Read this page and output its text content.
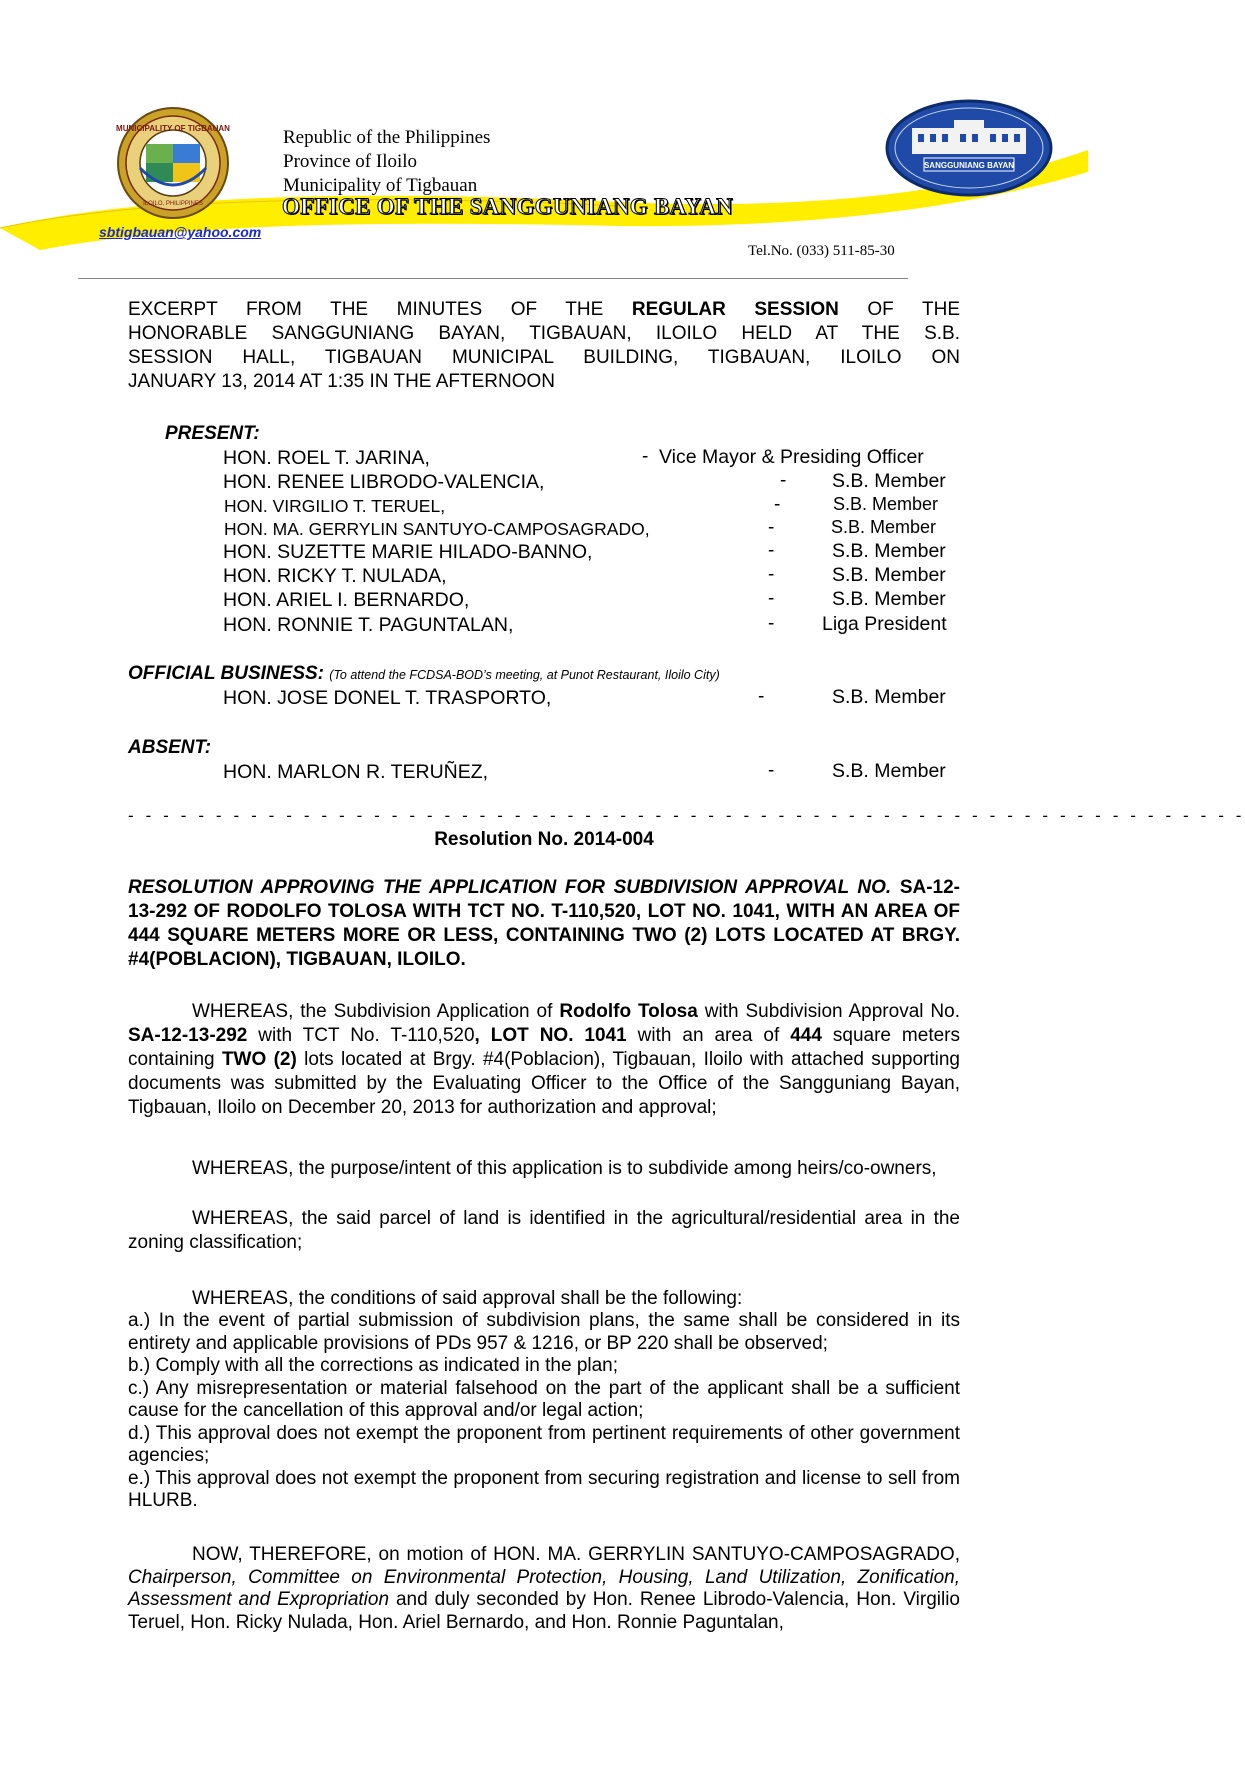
MUNICIPALITY OF TIGBAUAN
ILOILO, PHILIPPINES
SANGGUNIANG BAYAN
Republic of the Philippines
Province of Iloilo
Municipality of Tigbauan
OFFICE OF THE SANGGUNIANG BAYAN
sbtigbauan@yahoo.com
Tel.No. (033) 511-85-30
EXCERPT FROM THE MINUTES OF THE REGULAR SESSION OF THE
HONORABLE SANGGUNIANG BAYAN, TIGBAUAN, ILOILO HELD AT THE S.B.
SESSION HALL, TIGBAUAN MUNICIPAL BUILDING, TIGBAUAN, ILOILO ON
JANUARY 13, 2014 AT 1:35 IN THE AFTERNOON
PRESENT:
HON. ROEL T. JARINA,	- Vice Mayor & Presiding Officer
HON. RENEE LIBRODO-VALENCIA,	- S.B. Member
HON. VIRGILIO T. TERUEL,	-	S.B. Member
HON. MA. GERRYLIN SANTUYO-CAMPOSAGRADO,	-	S.B. Member
HON. SUZETTE MARIE HILADO-BANNO,	-	S.B. Member
HON. RICKY T. NULADA,	-	S.B. Member
HON. ARIEL I. BERNARDO,	-	S.B. Member
HON. RONNIE T. PAGUNTALAN,	- Liga President
OFFICIAL BUSINESS: (To attend the FCDSA-BOD’s meeting, at Punot Restaurant, Iloilo City)
HON. JOSE DONEL T. TRASPORTO,	-	S.B. Member
ABSENT:
HON. MARLON R. TERUÑEZ,	-	S.B. Member
- - - - - - - - - - - - - - - - - - - - - - - - - - - - - - - - - - - - - - - - - - - - - - - - - - - - - - - - - - - - - - - -
Resolution No. 2014-004
RESOLUTION APPROVING THE APPLICATION FOR SUBDIVISION APPROVAL NO. SA-12-13-292 OF RODOLFO TOLOSA WITH TCT NO. T-110,520, LOT NO. 1041, WITH AN AREA OF 444 SQUARE METERS MORE OR LESS, CONTAINING TWO (2) LOTS LOCATED AT BRGY. #4(POBLACION), TIGBAUAN, ILOILO.
WHEREAS, the Subdivision Application of Rodolfo Tolosa with Subdivision Approval No. SA-12-13-292 with TCT No. T-110,520, LOT NO. 1041 with an area of 444 square meters containing TWO (2) lots located at Brgy. #4(Poblacion), Tigbauan, Iloilo with attached supporting documents was submitted by the Evaluating Officer to the Office of the Sangguniang Bayan, Tigbauan, Iloilo on December 20, 2013 for authorization and approval;
WHEREAS, the purpose/intent of this application is to subdivide among heirs/co-owners,
WHEREAS, the said parcel of land is identified in the agricultural/residential area in the zoning classification;
WHEREAS, the conditions of said approval shall be the following:
a.) In the event of partial submission of subdivision plans, the same shall be considered in its entirety and applicable provisions of PDs 957 & 1216, or BP 220 shall be observed;
b.) Comply with all the corrections as indicated in the plan;
c.) Any misrepresentation or material falsehood on the part of the applicant shall be a sufficient cause for the cancellation of this approval and/or legal action;
d.) This approval does not exempt the proponent from pertinent requirements of other government agencies;
e.) This approval does not exempt the proponent from securing registration and license to sell from HLURB.
NOW, THEREFORE, on motion of HON. MA. GERRYLIN SANTUYO-CAMPOSAGRADO, Chairperson, Committee on Environmental Protection, Housing, Land Utilization, Zonification, Assessment and Expropriation and duly seconded by Hon. Renee Librodo-Valencia, Hon. Virgilio Teruel, Hon. Ricky Nulada, Hon. Ariel Bernardo, and Hon. Ronnie Paguntalan,
